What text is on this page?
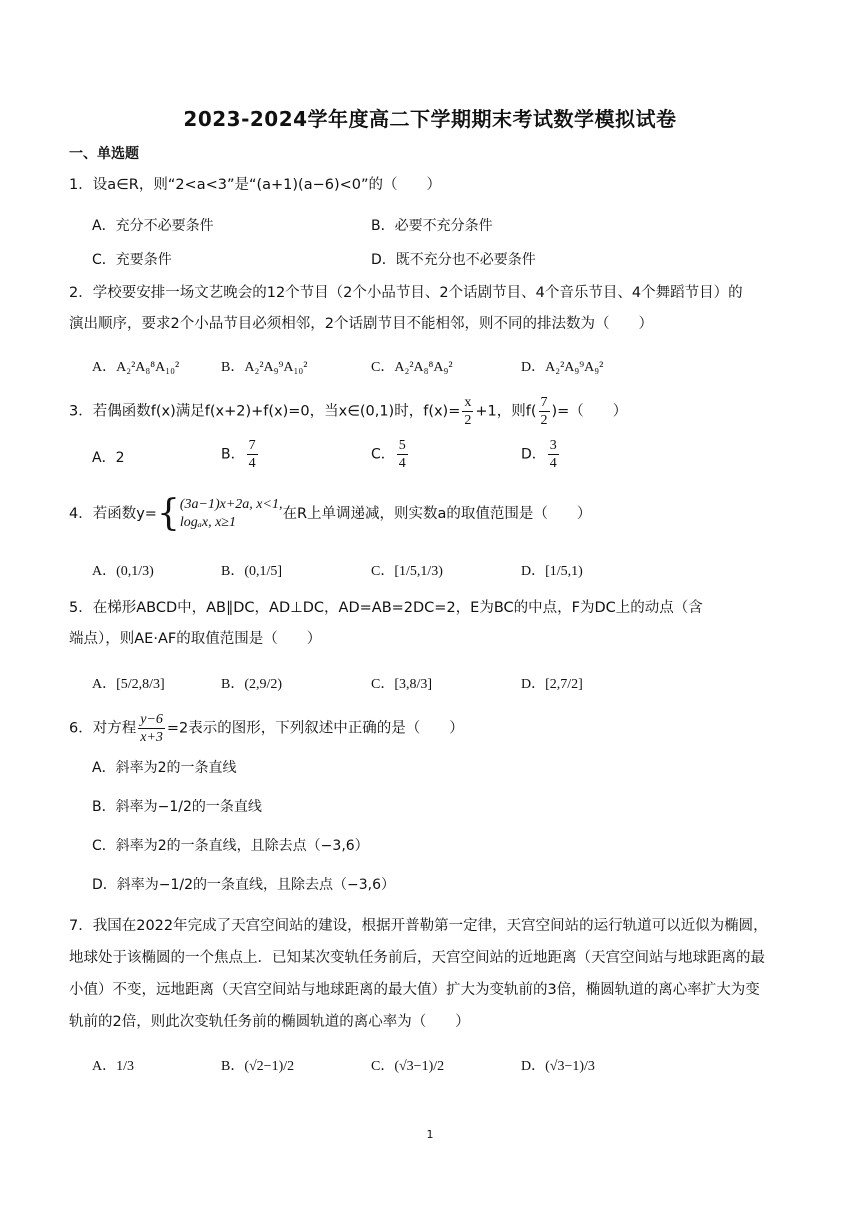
2023-2024学年度高二下学期期末考试数学模拟试卷
一、单选题
1．设a∈R，则“2<a<3”是“(a+1)(a−6)<0”的（　　）
A．充分不必要条件	B．必要不充分条件
C．充要条件	D．既不充分也不必要条件
2．学校要安排一场文艺晚会的12个节目（2个小品节目、2个话剧节目、4个音乐节目、4个舞蹈节目）的
演出顺序，要求2个小品节目必须相邻，2个话剧节目不能相邻，则不同的排法数为（　　）
A．A₂²A₈⁸A₁₀²	B．A₂²A₉⁹A₁₀²	C．A₂²A₈⁸A₉²	D．A₂²A₉⁹A₉²
3．若偶函数f(x)满足f(x+2)+f(x)=0，当x∈(0,1)时，$f(x)= \frac{x}{2} +1$，则$f( \frac{7}{2}$ )=（　　）
A．2	B． $\frac{7}{4}$	C． $\frac{5}{4}$	D． $\frac{3}{4}$
4．若函数y= { (3a−1)x+2a, x<1,
logₐx, x≥1
在R上单调递减，则实数a的取值范围是（　　）
A．(0,1/3)	B．(0,1/5]	C．[1/5,1/3)	D．[1/5,1)
5．在梯形ABCD中，AB∥DC，AD⊥DC，AD=AB=2DC=2，E为BC的中点，F为DC上的动点（含
端点），则AE·AF的取值范围是（　　）
A．[5/2,8/3]	B．(2,9/2)	C．[3,8/3]	D．[2,7/2]
6．对方程 $\frac{y-6}{x+3} =2$表示的图形，下列叙述中正确的是（　　）
A．斜率为2的一条直线
B．斜率为−1/2的一条直线
C．斜率为2的一条直线，且除去点（−3,6）
D．斜率为−1/2的一条直线，且除去点（−3,6）
7．我国在2022年完成了天宫空间站的建设，根据开普勒第一定律，天宫空间站的运行轨道可以近似为椭圆，
地球处于该椭圆的一个焦点上．已知某次变轨任务前后，天宫空间站的近地距离（天宫空间站与地球距离的最
小值）不变，远地距离（天宫空间站与地球距离的最大值）扩大为变轨前的3倍，椭圆轨道的离心率扩大为变
轨前的2倍，则此次变轨任务前的椭圆轨道的离心率为（　　）
A．1/3	B．(√2−1)/2	C．(√3−1)/2	D．(√3−1)/3
1
